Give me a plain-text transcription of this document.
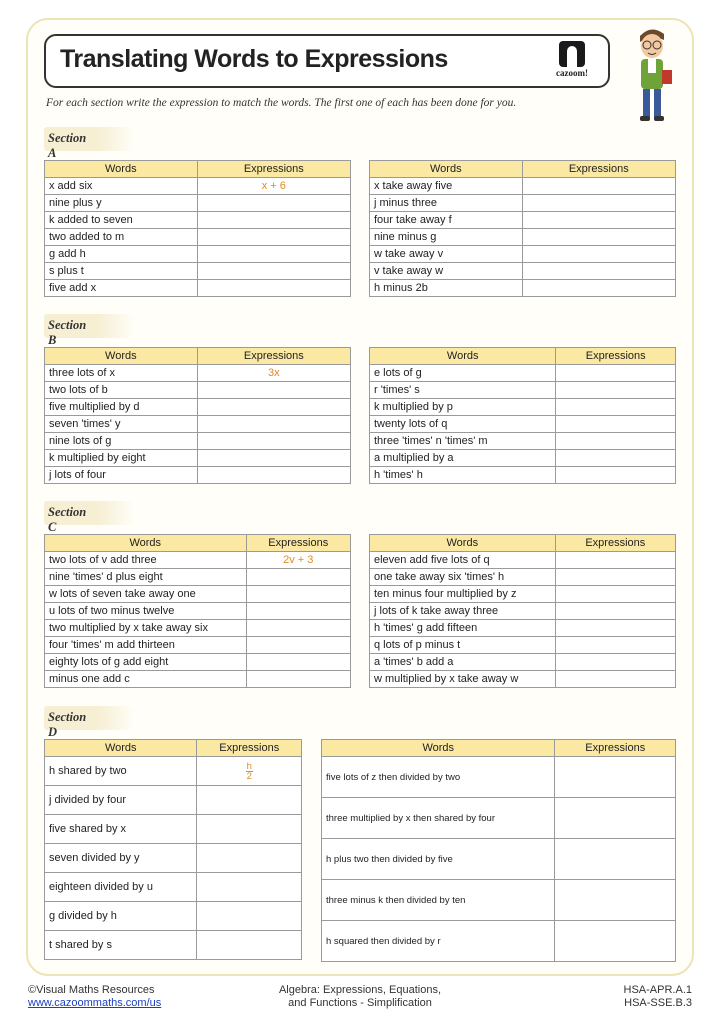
Translating Words to Expressions	cazoom!
For each section write the expression to match the words. The first one of each has been done for you.
Section A
Words	Expressions
x add six	x + 6
nine plus y	
k added to seven	
two added to m	
g add h	
s plus t	
five add x	
Words	Expressions
x take away five	
j minus three	
four take away f	
nine minus g	
w take away v	
v take away w	
h minus 2b	
Section B
Words	Expressions
three lots of x	3x
two lots of b	
five multiplied by d	
seven 'times' y	
nine lots of g	
k multiplied by eight	
j lots of four	
Words	Expressions
e lots of g	
r 'times' s	
k multiplied by p	
twenty lots of q	
three 'times' n 'times' m	
a multiplied by a	
h 'times' h	
Section C
Words	Expressions
two lots of v add three	2v + 3
nine 'times' d plus eight	
w lots of seven take away one	
u lots of two minus twelve	
two multiplied by x take away six	
four 'times' m add thirteen	
eighty lots of g add eight	
minus one add c	
Words	Expressions
eleven add five lots of q	
one take away six 'times' h	
ten minus four multiplied by z	
j lots of k take away three	
h 'times' g add fifteen	
q lots of p minus t	
a 'times' b add a	
w multiplied by x take away w	
Section D
Words	Expressions
h shared by two	$\frac{h}{2}$

j divided by four	
five shared by x	
seven divided by y	
eighteen divided by u	
g divided by h	
t shared by s	
Words	Expressions
five lots of z then divided by two	
three multiplied by x then shared by four	
h plus two then divided by five	
three minus k then divided by ten	
h squared then divided by r	
©Visual Maths Resources
www.cazoommaths.com/us
Algebra: Expressions, Equations,
and Functions - Simplification
HSA-APR.A.1
HSA-SSE.B.3
